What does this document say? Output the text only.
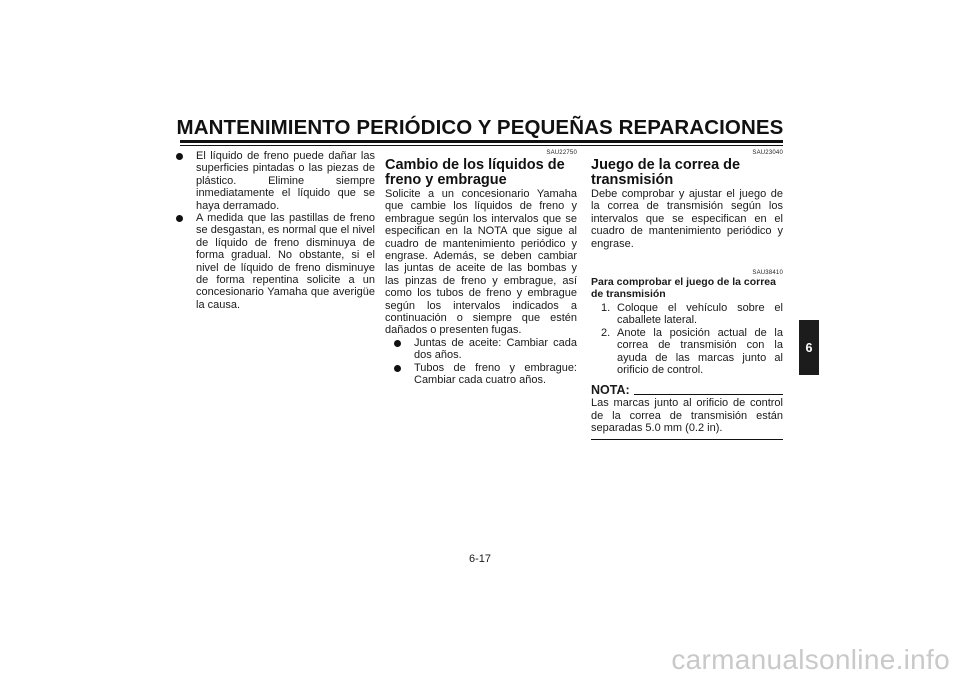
MANTENIMIENTO PERIÓDICO Y PEQUEÑAS REPARACIONES

El líquido de freno puede dañar las superficies pintadas o las piezas de plástico. Elimine siempre inmediatamente el líquido que se haya derramado.

A medida que las pastillas de freno se desgastan, es normal que el nivel de líquido de freno disminuya de forma gradual. No obstante, si el nivel de líquido de freno disminuye de forma repentina solicite a un concesionario Yamaha que averigüe la causa.

SAU22750

Cambio de los líquidos de freno y embrague

Solicite a un concesionario Yamaha que cambie los líquidos de freno y embrague según los intervalos que se especifican en la NOTA que sigue al cuadro de mantenimiento periódico y engrase. Además, se deben cambiar las juntas de aceite de las bombas y las pinzas de freno y embrague, así como los tubos de freno y embrague según los intervalos indicados a continuación o siempre que estén dañados o presenten fugas.

Juntas de aceite: Cambiar cada dos años.

Tubos de freno y embrague: Cambiar cada cuatro años.

SAU23040

Juego de la correa de transmisión

Debe comprobar y ajustar el juego de la correa de transmisión según los intervalos que se especifican en el cuadro de mantenimiento periódico y engrase.

SAU38410

Para comprobar el juego de la correa de transmisión

1. Coloque el vehículo sobre el caballete lateral.

2. Anote la posición actual de la correa de transmisión con la ayuda de las marcas junto al orificio de control.

NOTA:

Las marcas junto al orificio de control de la correa de transmisión están separadas 5.0 mm (0.2 in).

6
6-17
carmanualsonline.info
